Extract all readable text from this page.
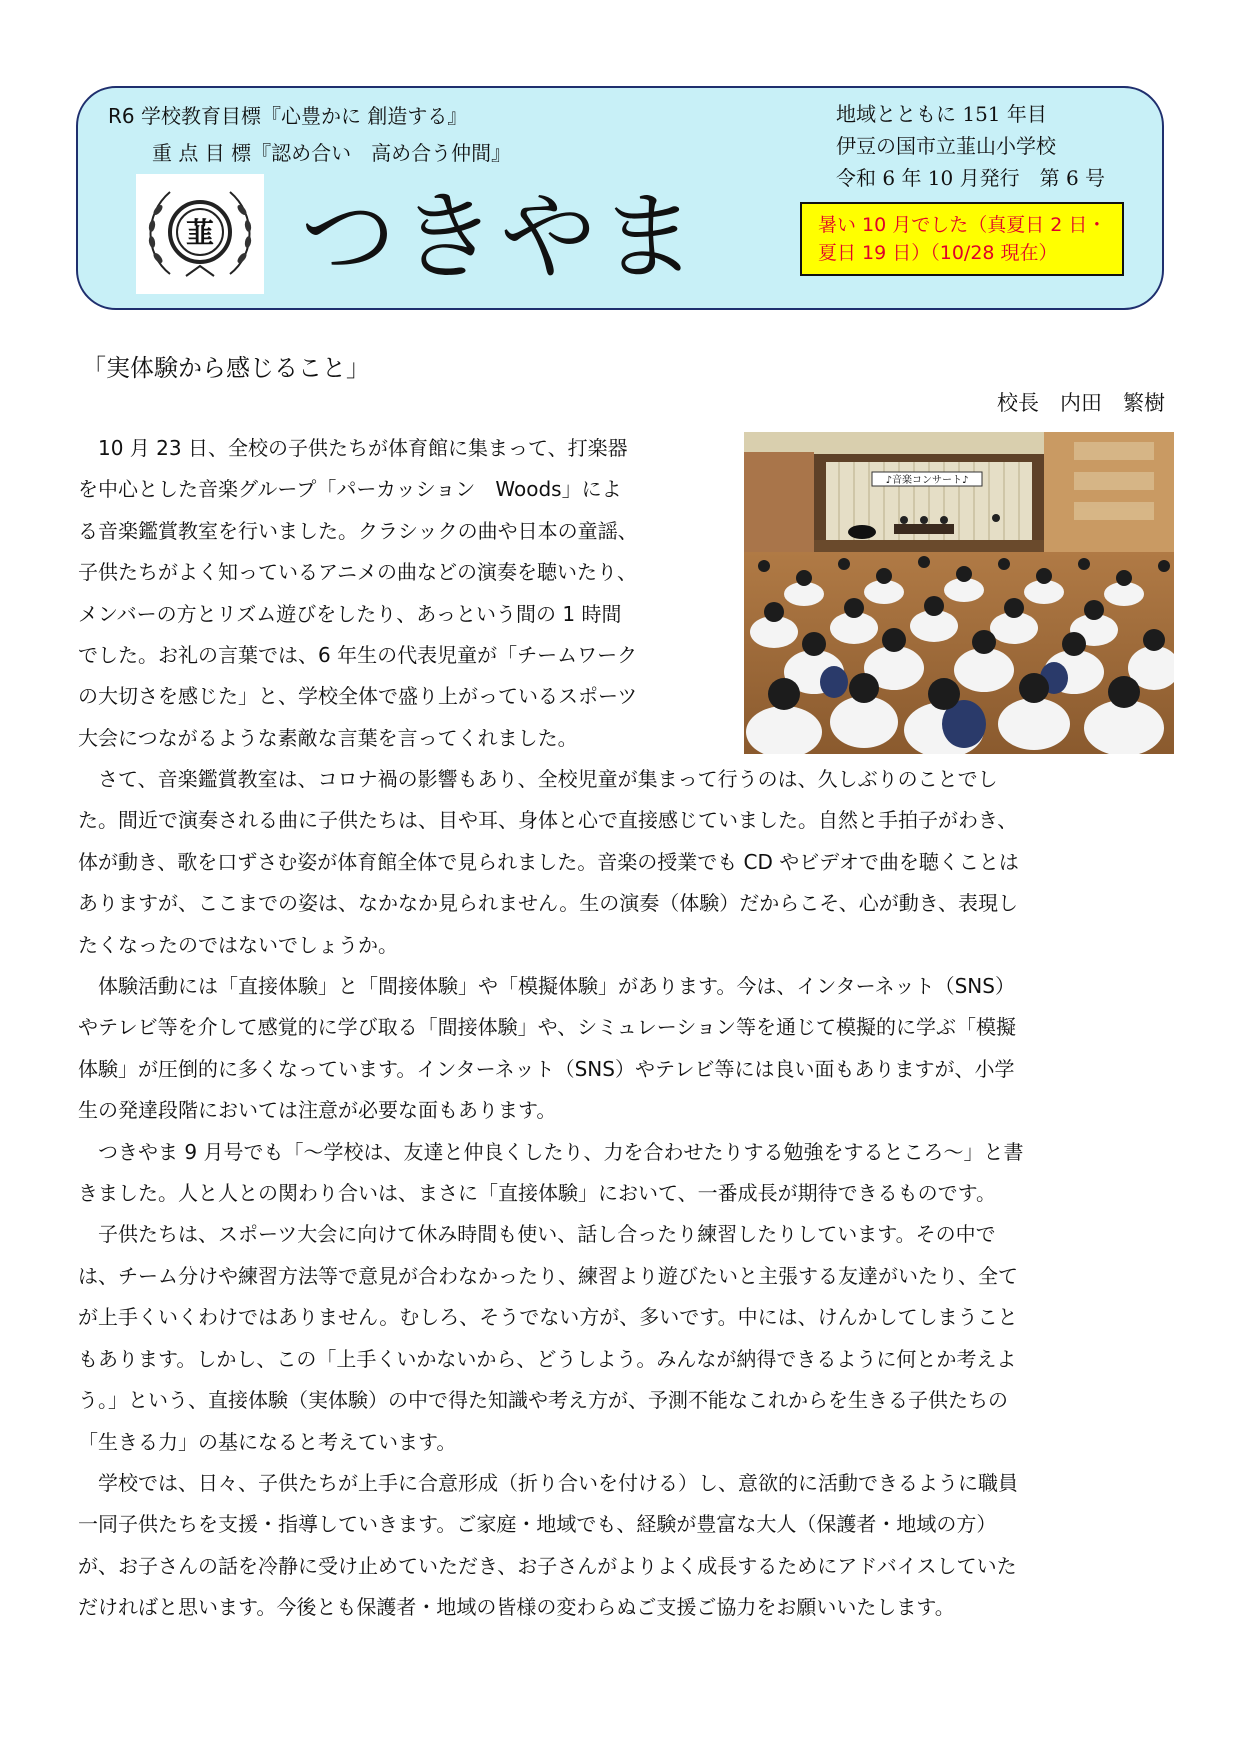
R6 学校教育目標『心豊かに 創造する』
重 点 目 標『認め合い　高め合う仲間』
韮 つきやま
地域とともに 151 年目
伊豆の国市立韮山小学校
令和 6 年 10 月発行　第 6 号
暑い 10 月でした（真夏日 2 日・
夏日 19 日）（10/28 現在）
「実体験から感じること」
校長　内田　繁樹
♪音楽コンサート♪
　10 月 23 日、全校の子供たちが体育館に集まって、打楽器
を中心とした音楽グループ「パーカッション　Woods」によ
る音楽鑑賞教室を行いました。クラシックの曲や日本の童謡、
子供たちがよく知っているアニメの曲などの演奏を聴いたり、
メンバーの方とリズム遊びをしたり、あっという間の 1 時間
でした。お礼の言葉では、6 年生の代表児童が「チームワーク
の大切さを感じた」と、学校全体で盛り上がっているスポーツ
大会につながるような素敵な言葉を言ってくれました。
　さて、音楽鑑賞教室は、コロナ禍の影響もあり、全校児童が集まって行うのは、久しぶりのことでし
た。間近で演奏される曲に子供たちは、目や耳、身体と心で直接感じていました。自然と手拍子がわき、
体が動き、歌を口ずさむ姿が体育館全体で見られました。音楽の授業でも CD やビデオで曲を聴くことは
ありますが、ここまでの姿は、なかなか見られません。生の演奏（体験）だからこそ、心が動き、表現し
たくなったのではないでしょうか。
　体験活動には「直接体験」と「間接体験」や「模擬体験」があります。今は、インターネット（SNS）
やテレビ等を介して感覚的に学び取る「間接体験」や、シミュレーション等を通じて模擬的に学ぶ「模擬
体験」が圧倒的に多くなっています。インターネット（SNS）やテレビ等には良い面もありますが、小学
生の発達段階においては注意が必要な面もあります。
　つきやま 9 月号でも「～学校は、友達と仲良くしたり、力を合わせたりする勉強をするところ～」と書
きました。人と人との関わり合いは、まさに「直接体験」において、一番成長が期待できるものです。
　子供たちは、スポーツ大会に向けて休み時間も使い、話し合ったり練習したりしています。その中で
は、チーム分けや練習方法等で意見が合わなかったり、練習より遊びたいと主張する友達がいたり、全て
が上手くいくわけではありません。むしろ、そうでない方が、多いです。中には、けんかしてしまうこと
もあります。しかし、この「上手くいかないから、どうしよう。みんなが納得できるように何とか考えよ
う。」という、直接体験（実体験）の中で得た知識や考え方が、予測不能なこれからを生きる子供たちの
「生きる力」の基になると考えています。
　学校では、日々、子供たちが上手に合意形成（折り合いを付ける）し、意欲的に活動できるように職員
一同子供たちを支援・指導していきます。ご家庭・地域でも、経験が豊富な大人（保護者・地域の方）
が、お子さんの話を冷静に受け止めていただき、お子さんがよりよく成長するためにアドバイスしていた
だければと思います。今後とも保護者・地域の皆様の変わらぬご支援ご協力をお願いいたします。
